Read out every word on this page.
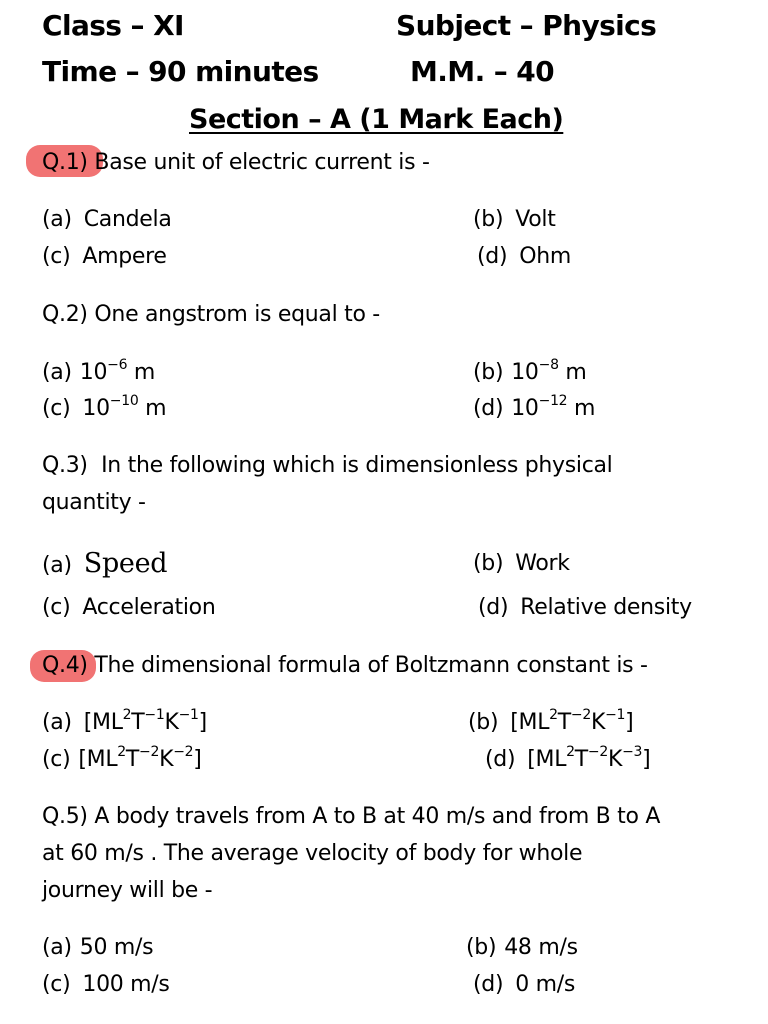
Class – XI	Subject – Physics
Time – 90 minutes	M.M. – 40
Section – A (1 Mark Each)
Q.1) Base unit of electric current is -
(a) Candela	(b) Volt
(c) Ampere	(d) Ohm
Q.2) One angstrom is equal to -
(a) $10^{-6}$ m	(b) $10^{-8}$ m
(c) $10^{-10}$ m	(d) $10^{-12}$ m
Q.3) In the following which is dimensionless physical
quantity -
(a) Speed	(b) Work
(c) Acceleration	(d) Relative density
Q.4) The dimensional formula of Boltzmann constant is -
(a) $[ML^2T^{-1}K^{-1}]$	(b) $[ML^2T^{-2}K^{-1}]$
(c) $[ML^2T^{-2}K^{-2}]$	(d) $[ML^2T^{-2}K^{-3}]$
Q.5) A body travels from A to B at 40 m/s and from B to A
at 60 m/s . The average velocity of body for whole
journey will be -
(a) 50 m/s	(b) 48 m/s
(c) 100 m/s	(d) 0 m/s
